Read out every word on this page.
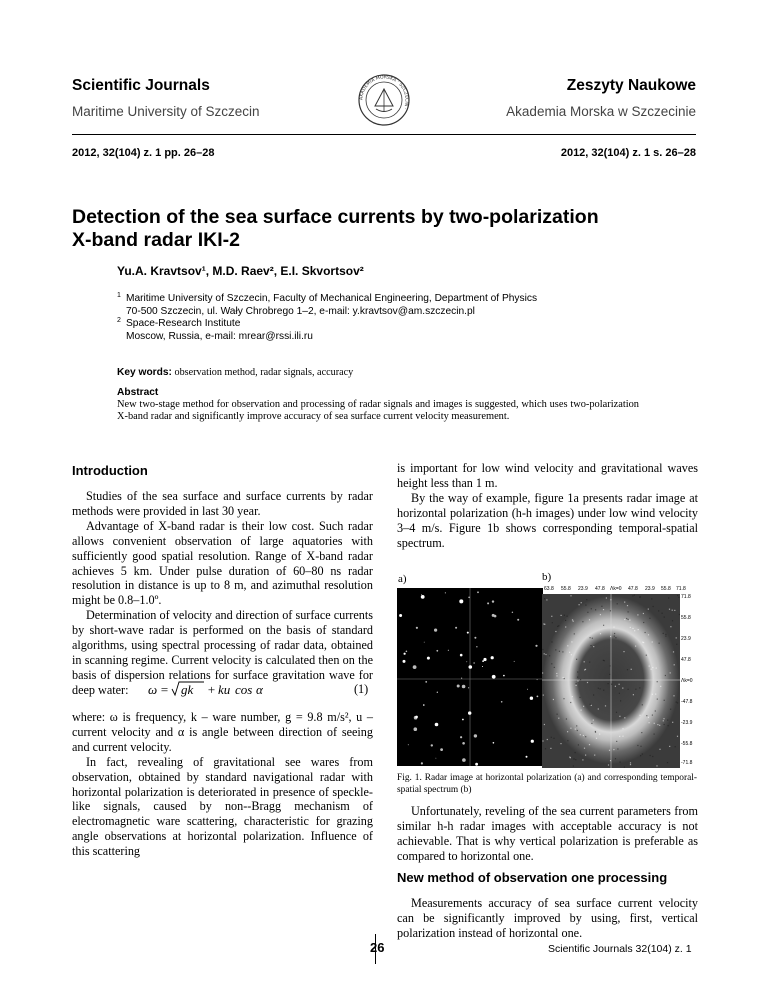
Scientific Journals
Maritime University of Szczecin
Zeszyty Naukowe
Akademia Morska w Szczecinie
AKADEMIA MORSKA · SZCZECIN ·
2012, 32(104) z. 1 pp. 26–28	2012, 32(104) z. 1 s. 26–28
Detection of the sea surface currents by two-polarization
X-band radar IKI-2
Yu.A. Kravtsov¹, M.D. Raev², E.I. Skvortsov²
1 Maritime University of Szczecin, Faculty of Mechanical Engineering, Department of Physics
70-500 Szczecin, ul. Wały Chrobrego 1–2, e-mail: y.kravtsov@am.szczecin.pl
2 Space-Research Institute
Moscow, Russia, e-mail: mrear@rssi.ili.ru
Key words: observation method, radar signals, accuracy
Abstract
New two-stage method for observation and processing of radar signals and images is suggested, which uses two-polarization X-band radar and significantly improve accuracy of sea surface current velocity measurement.
Introduction

Studies of the sea surface and surface currents by radar methods were provided in last 30 year.

Advantage of X-band radar is their low cost. Such radar allows convenient observation of large aquatories with sufficiently good spatial resolution. Range of X-band radar achieves 5 km. Under pulse duration of 60–80 ns radar resolution in distance is up to 8 m, and azimuthal resolution might be 0.8–1.0º.

Determination of velocity and direction of surface currents by short-wave radar is performed on the basis of standard algorithms, using spectral processing of radar data, obtained in scanning regime. Current velocity is calculated then on the basis of dispersion relations for surface gravitation wave for deep water:	ω = gk + ku cos α	(1)

where: ω is frequency, k – ware number, g = 9.8 m/s², u – current velocity and α is angle between direction of seeing and current velocity.

In fact, revealing of gravitational see wares from observation, obtained by standard navigational radar with horizontal polarization is deteriorated in presence of speckle-like signals, caused by non--Bragg mechanism of electromagnetic ware scattering, characteristic for grazing angle observations at horizontal polarization. Influence of this scattering

is important for low wind velocity and gravitational waves height less than 1 m.

By the way of example, figure 1a presents radar image at horizontal polarization (h-h images) under low wind velocity 3–4 m/s. Figure 1b shows corresponding temporal-spatial spectrum.

a)	b)
63.8 55.8 23.9 47.8 Λk=0 47.8 23.9 55.8 71.8
71.8
55.8
23.9
47.8
Λk=0
-47.8
-23.9
-55.8
-71.8
Fig. 1. Radar image at horizontal polarization (a) and corresponding temporal-spatial spectrum (b)

Unfortunately, reveling of the sea current parameters from similar h-h radar images with acceptable accuracy is not achievable. That is why vertical polarization is preferable as compared to horizontal one.

New method of observation one processing

Measurements accuracy of sea surface current velocity can be significantly improved by using, first, vertical polarization instead of horizontal one.

26	Scientific Journals 32(104) z. 1
